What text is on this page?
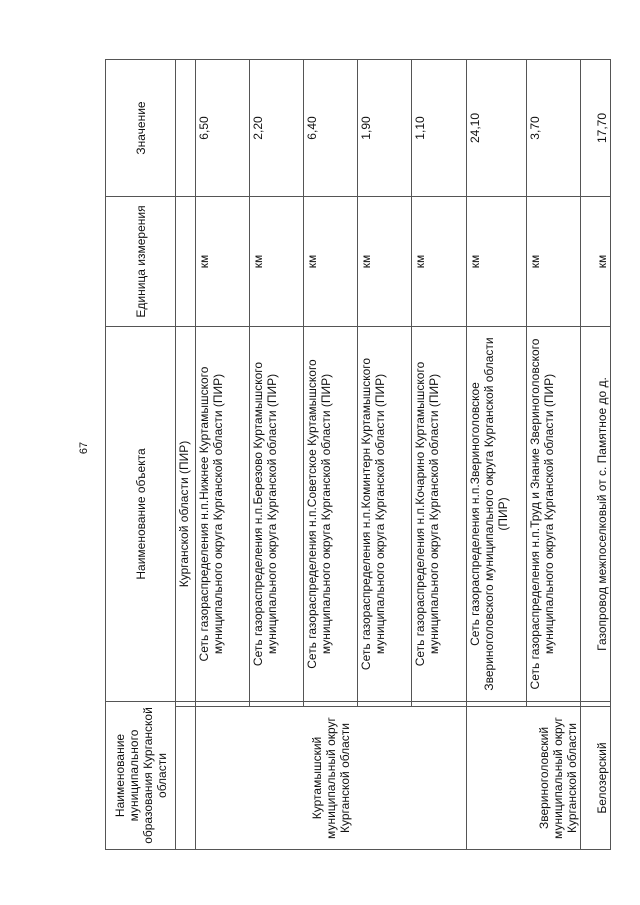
67
Наименование муниципального образования Курганской области		Наименование объекта	Единица измерения	Значение
		Курганской области (ПИР)		
Куртамышский муниципальный округ Курганской области		Сеть газораспределения н.п.Нижнее Куртамышского муниципального округа Курганской области (ПИР)	км	6,50
		Сеть газораспределения н.п.Березово Куртамышского муниципального округа Курганской области (ПИР)	км	2,20
		Сеть газораспределения н.п.Советское Куртамышского муниципального округа Курганской области (ПИР)	км	6,40
		Сеть газораспределения н.п.Коминтерн Куртамышского муниципального округа Курганской области (ПИР)	км	1,90
		Сеть газораспределения н.п.Кочарино Куртамышского муниципального округа Курганской области (ПИР)	км	1,10
Звериноголовский муниципальный округ Курганской области		Сеть газораспределения н.п.Звериноголовское Звериноголовского муниципального округа Курганской области (ПИР)	км	24,10
		Сеть газораспределения н.п.Труд и Знание Звериноголовского муниципального округа Курганской области (ПИР)	км	3,70
Белозерский		Газопровод межпоселковый от с. Памятное до д.	км	17,70
